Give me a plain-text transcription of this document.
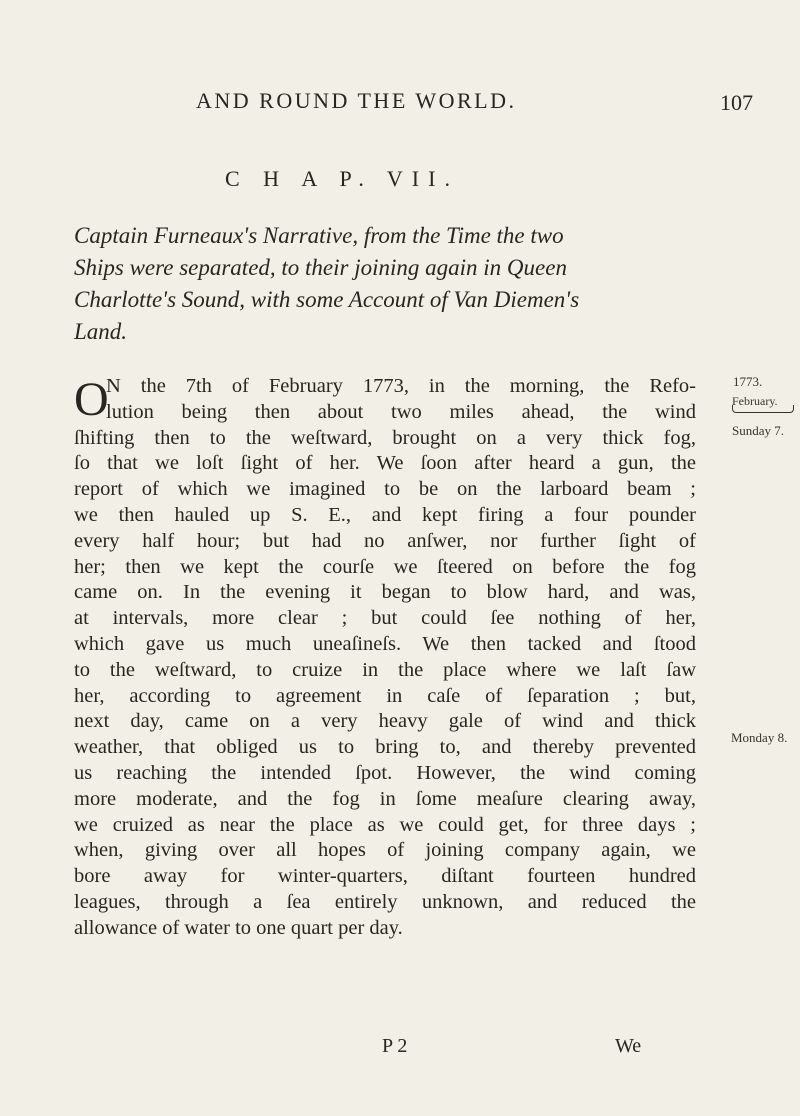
AND ROUND THE WORLD.	107
C H A P. VII.
Captain Furneaux's Narrative, from the Time the two
Ships were separated, to their joining again in Queen
Charlotte's Sound, with some Account of Van Diemen's
Land.
O
N the 7th of February 1773, in the morning, the Refo-
lution being then about two miles ahead, the wind
ſhifting then to the weſtward, brought on a very thick fog,
ſo that we loſt ſight of her. We ſoon after heard a gun, the
report of which we imagined to be on the larboard beam ;
we then hauled up S. E., and kept firing a four pounder
every half hour; but had no anſwer, nor further ſight of
her; then we kept the courſe we ſteered on before the fog
came on. In the evening it began to blow hard, and was,
at intervals, more clear ; but could ſee nothing of her,
which gave us much uneaſineſs. We then tacked and ſtood
to the weſtward, to cruize in the place where we laſt ſaw
her, according to agreement in caſe of ſeparation ; but,
next day, came on a very heavy gale of wind and thick
weather, that obliged us to bring to, and thereby prevented
us reaching the intended ſpot. However, the wind coming
more moderate, and the fog in ſome meaſure clearing away,
we cruized as near the place as we could get, for three days ;
when, giving over all hopes of joining company again, we
bore away for winter-quarters, diſtant fourteen hundred
leagues, through a ſea entirely unknown, and reduced the
allowance of water to one quart per day.
1773.
February.
Sunday 7.
Monday 8.
P 2	We
